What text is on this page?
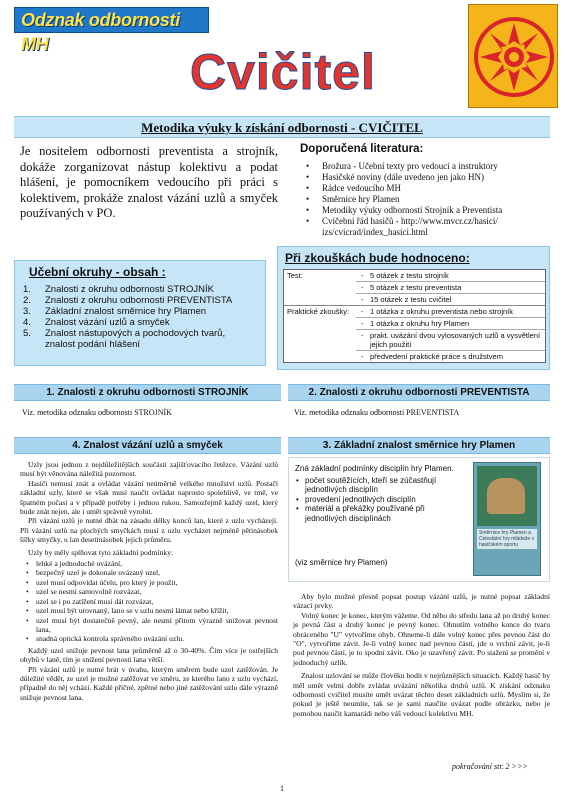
Odznak odbornosti MH	Cvičitel
Metodika výuky k získání odbornosti - CVIČITEL
Je nositelem odbornosti preventista a strojník, dokáže zorganizovat nástup kolektivu a podat hlášení, je pomocníkem vedoucího při práci s kolektivem, prokáže znalost vázání uzlů a smyček používaných v PO.
Doporučená literatura:
• Brožura - Učební texty pro vedoucí a instruktory
• Hasičské noviny (dále uvedeno jen jako HN)
• Rádce vedoucího MH
• Směrnice hry Plamen
• Metodiky výuky odbornosti Strojník a Preventista
• Cvičební řád hasičů - http://www.mvcr.cz/hasici/ izs/cvicrad/index_hasici.html
Učební okruhy - obsah :
1. Znalosti z okruhu odbornosti STROJNÍK
2. Znalosti z okruhu odbornosti PREVENTISTA
3. Základní znalost směrnice hry Plamen
4. Znalost vázání uzlů a smyček
5. Znalost nástupových a pochodových tvarů, znalost podání hlášení
Při zkouškách bude hodnoceno:
Test:	- 5 otázek z testu strojník
- 5 otázek z testu preventista
- 15 otázek z testu cvičitel
Praktické zkoušky:	- 1 otázka z okruhu preventista nebo strojník
- 1 otázka z okruhu hry Plamen
- prakt. uvázání dvou vylosovaných uzlů a vysvětlení jejich použití
- předvedení praktické práce s družstvem
1. Znalosti z okruhu odbornosti STROJNÍK	2. Znalosti z okruhu odbornosti PREVENTISTA
Viz. metodika odznaku odbornosti STROJNÍK	Viz. metodika odznaku odbornosti PREVENTISTA
4. Znalost vázání uzlů a smyček	3. Základní znalost směrnice hry Plamen

Uzly jsou jednou z nejdůležitějších součástí zajišťovacího řetězce. Vázání uzlů musí být věnována náležitá pozornost.

Hasiči nemusí znát a ovládat vázání neúměrně velkého množství uzlů. Postačí základní uzly, které se však musí naučit ovládat naprosto spolehlivě, ve tmě, ve špatném počasí a v případě potřeby i jednou rukou. Samozřejmě každý uzel, který bude znát nejen, ale i umět správně vyrobit.

Při vázání uzlů je nutné dbát na zásadu délky konců lan, které z uzlu vycházejí. Při vázání uzlů na plochých smyčkách musí z uzlu vycházet nejméně pětinásobek šířky smyčky, u lan desetinásobek jejich průměru.

Uzly by měly splňovat tyto základní podmínky:

• lehké a jednoduché uvázání,
• bezpečný uzel je dokonale uvázaný uzel,
• uzel musí odpovídat účelu, pro který je použit,
• uzel se nesmí samovolně rozvázat,
• uzel se i po zatížení musí dát rozvázat,
• uzel musí být urovnaný, lano se v uzlu nesmí lámat nebo křížit,
• uzel musí být dostatečně pevný, ale nesmí přitom výrazně snižovat pevnost lana,
• snadná optická kontrola správného uvázání uzlu.

Každý uzel snižuje pevnost lana průměrně až o 30-40%. Čím více je ostřejších ohybů v laně, tím je snížení pevnosti lana větší.

Při vázání uzlů je nutné brát v úvahu, kterým směrem bude uzel zatěžován. Je důležité vědět, ze uzel je možné zatěžovat ve směru, ze kterého lano z uzlu vychází, případně do něj vchází. Každé příčné, zpětné nebo jiné zatěžování uzlu dále výrazně snižuje pevnost lana.

Zná základní podmínky disciplín hry Plamen.
• počet soutěžících, kteří se zúčastňují jednotlivých disciplín
• provedení jednotlivých disciplín
• materiál a překážky používané při jednotlivých disciplínách
(viz směrnice hry Plamen)
Směrnice hry Plamen a Celostátní hry mládeže v hasičském sportu

Aby bylo možné přesně popsat postup vázání uzlů, je nutné popsat základní vázací prvky.

Volný konec je konec, kterým vážeme. Od něho do středu lana až po druhý konec je pevná část a druhý konec je pevný konec. Ohnutím volného konce do tvaru obráceného "U" vytvoříme ohyb. Ohneme-li dále volný konec přes pevnou část do "O", vytvoříme závit. Je-li volný konec nad pevnou částí, jde o vrchní závit, je-li pod pevnou částí, je to spodní závit. Oko je uzavřený závit. Po stažení se promění v jednoduchý uzlík.

Znalost uzlování se může člověku hodit v nejrůznějších situacích. Každý hasič by měl umět velmi dobře zvládat uvázání několika druhů uzlů. K získání odznaku odbornosti cvičitel musíte umět uvázat těchto deset základních uzlů. Myslím si, že pokud je ještě neumíte, tak se je sami naučíte uvázat podle obrázku, nebo je pomohou naučit kamarádi nebo váš vedoucí kolektivu MH.

pokračování str. 2 >>>
1
